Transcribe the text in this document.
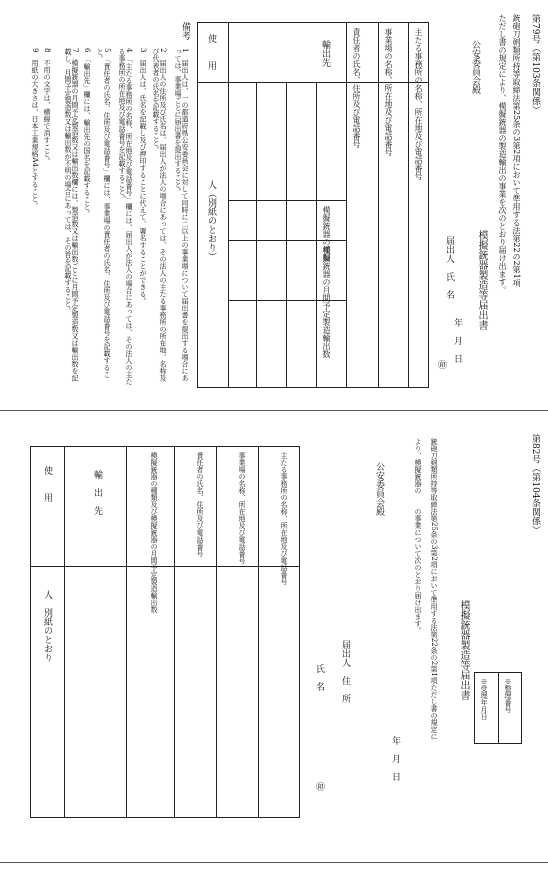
第79号（第103条関係）
銃砲刀剣類所持等取締法第25条の3第2項において準用する法第22の2第1項
ただし書の規定により、模擬銃器の製造輸出の事業を次のとおり届け出ます。
公安委員会殿
模擬銃器製造等届出書
届出人　氏　名
年　月　日
㊞
主たる事務所の名称、所在地及び電話番号
事業場の名称、所在地及び電話番号
責任者の氏名、住所及び電話番号
輸出先
模擬銃器の種類
模擬銃器の月間予定製造輸出数
使　　用
人（別紙のとおり）
備考
1　届出人は、一の都道府県公安委員会に対して同時に二以上の事業場について届出書を提出する場合にあっては、事業場ごとに届出書を提出すること。
2　届出人の住所及び氏名は、届出人が法人の場合にあっては、その法人の主たる事務所の所在地、名称及び代表者の氏名を記載すること。
3　届出人は、氏名を記載し及び押印することに代えて、署名することができる。
4　「主たる事務所の名称、所在地及び電話番号」欄には、届出人が法人の場合にあっては、その法人の主たる事務所の所在地及び電話番号を記載すること。
5　「責任者の氏名、住所及び電話番号」欄には、事業場の責任者の氏名、住所及び電話番号を記載すること。
6　「輸出先」欄には、輸出先の国名を記載すること。
7　模擬銃器の月間予定製造数又は輸出数欄には、製造数又は輸出数ごとに月間予定製造数又は輸出数を記載し、月間予定製造数又は輸出数が不明の場合にあっては、その旨を記載すること。
8　不用の文字は、横線で消すこと。
9　用紙の大きさは、日本工業規格A4とすること。
第82号（第104条関係）
※整理番号
※受理年月日
模擬銃器製造等届出書
銃砲刀剣類所持等取締法第25条の3第2項において準用する法第22条の2第1項ただし書の規定に
より、模擬銃器の　　の事業について次のとおり届け出ます。
公安委員会殿
年　月　日
届出人　住　所
氏　名
㊞
主たる事務所の名称、所在地及び電話番号
事業場の名称、所在地及び電話番号
責任者の氏名、住所及び電話番号
模擬銃器の種類及び模擬銃器の月間予定製造輸出数
輸　出　先
使　　用
人　別紙のとおり
